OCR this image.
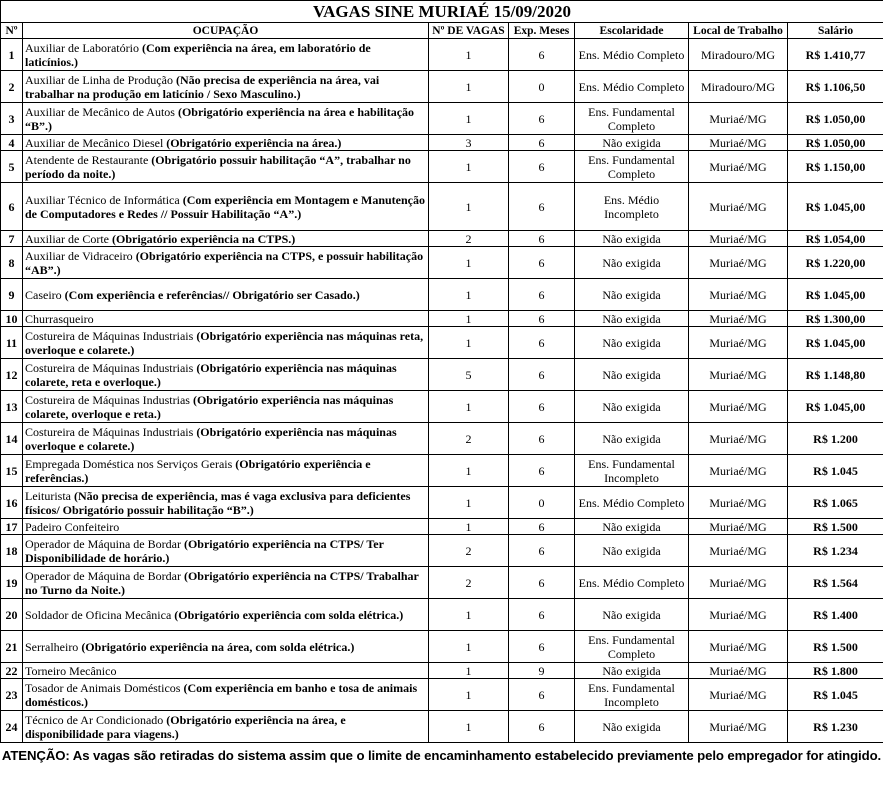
VAGAS SINE MURIAÉ 15/09/2020						
Nº	OCUPAÇÃO	Nº DE VAGAS	Exp. Meses	Escolaridade	Local de Trabalho	Salário
1	Auxiliar de Laboratório (Com experiência na área, em laboratório de laticínios.)	1	6	Ens. Médio Completo	Miradouro/MG	R$ 1.410,77
2	Auxiliar de Linha de Produção (Não precisa de experiência na área, vai trabalhar na produção em laticínio / Sexo Masculino.)	1	0	Ens. Médio Completo	Miradouro/MG	R$ 1.106,50
3	Auxiliar de Mecânico de Autos (Obrigatório experiência na área e habilitação “B”.)	1	6	Ens. Fundamental Completo	Muriaé/MG	R$ 1.050,00
4	Auxiliar de Mecânico Diesel (Obrigatório experiência na área.)	3	6	Não exigida	Muriaé/MG	R$ 1.050,00
5	Atendente de Restaurante (Obrigatório possuir habilitação “A”, trabalhar no período da noite.)	1	6	Ens. Fundamental Completo	Muriaé/MG	R$ 1.150,00
6	Auxiliar Técnico de Informática (Com experiência em Montagem e Manutenção de Computadores e Redes // Possuir Habilitação “A”.)	1	6	Ens. Médio Incompleto	Muriaé/MG	R$ 1.045,00
7	Auxiliar de Corte (Obrigatório experiência na CTPS.)	2	6	Não exigida	Muriaé/MG	R$ 1.054,00
8	Auxiliar de Vidraceiro (Obrigatório experiência na CTPS, e possuir habilitação “AB”.)	1	6	Não exigida	Muriaé/MG	R$ 1.220,00
9	Caseiro (Com experiência e referências// Obrigatório ser Casado.)	1	6	Não exigida	Muriaé/MG	R$ 1.045,00
10	Churrasqueiro	1	6	Não exigida	Muriaé/MG	R$ 1.300,00
11	Costureira de Máquinas Industriais (Obrigatório experiência nas máquinas reta, overloque e colarete.)	1	6	Não exigida	Muriaé/MG	R$ 1.045,00
12	Costureira de Máquinas Industriais (Obrigatório experiência nas máquinas colarete, reta e overloque.)	5	6	Não exigida	Muriaé/MG	R$ 1.148,80
13	Costureira de Máquinas Industrias (Obrigatório experiência nas máquinas colarete, overloque e reta.)	1	6	Não exigida	Muriaé/MG	R$ 1.045,00
14	Costureira de Máquinas Industriais (Obrigatório experiência nas máquinas overloque e colarete.)	2	6	Não exigida	Muriaé/MG	R$ 1.200
15	Empregada Doméstica nos Serviços Gerais (Obrigatório experiência e referências.)	1	6	Ens. Fundamental Incompleto	Muriaé/MG	R$ 1.045
16	Leiturista (Não precisa de experiência, mas é vaga exclusiva para deficientes físicos/ Obrigatório possuir habilitação “B”.)	1	0	Ens. Médio Completo	Muriaé/MG	R$ 1.065
17	Padeiro Confeiteiro	1	6	Não exigida	Muriaé/MG	R$ 1.500
18	Operador de Máquina de Bordar (Obrigatório experiência na CTPS/ Ter Disponibilidade de horário.)	2	6	Não exigida	Muriaé/MG	R$ 1.234
19	Operador de Máquina de Bordar (Obrigatório experiência na CTPS/ Trabalhar no Turno da Noite.)	2	6	Ens. Médio Completo	Muriaé/MG	R$ 1.564
20	Soldador de Oficina Mecânica (Obrigatório experiência com solda elétrica.)	1	6	Não exigida	Muriaé/MG	R$ 1.400
21	Serralheiro (Obrigatório experiência na área, com solda elétrica.)	1	6	Ens. Fundamental Completo	Muriaé/MG	R$ 1.500
22	Torneiro Mecânico	1	9	Não exigida	Muriaé/MG	R$ 1.800
23	Tosador de Animais Domésticos (Com experiência em banho e tosa de animais domésticos.)	1	6	Ens. Fundamental Incompleto	Muriaé/MG	R$ 1.045
24	Técnico de Ar Condicionado (Obrigatório experiência na área, e disponibilidade para viagens.)	1	6	Não exigida	Muriaé/MG	R$ 1.230
ATENÇÃO: As vagas são retiradas do sistema assim que o limite de encaminhamento estabelecido previamente pelo empregador for atingido.
